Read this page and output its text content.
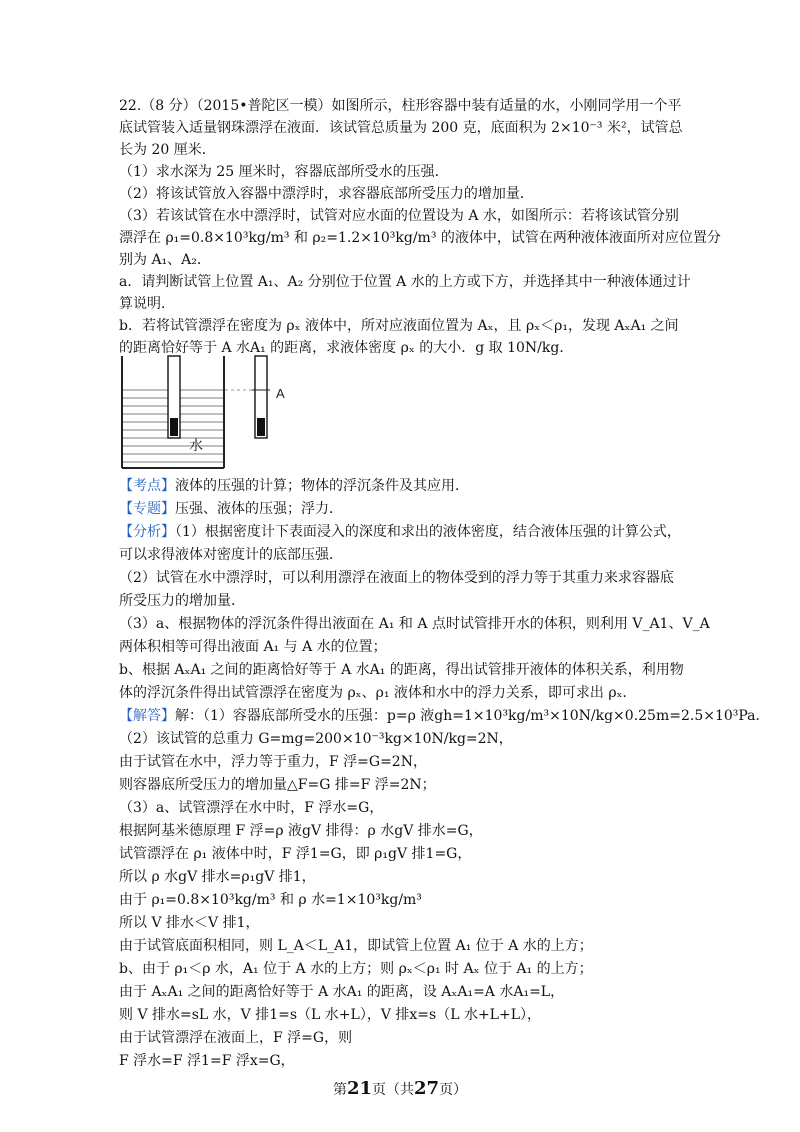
22.（8 分）（2015•普陀区一模）如图所示，柱形容器中装有适量的水，小刚同学用一个平
底试管装入适量钢珠漂浮在液面．该试管总质量为 200 克，底面积为 2×10⁻³ 米²，试管总
长为 20 厘米．
（1）求水深为 25 厘米时，容器底部所受水的压强．
（2）将该试管放入容器中漂浮时，求容器底部所受压力的增加量．
（3）若该试管在水中漂浮时，试管对应水面的位置设为 A 水，如图所示：若将该试管分别
漂浮在 ρ₁=0.8×10³kg/m³ 和 ρ₂=1.2×10³kg/m³ 的液体中，试管在两种液体液面所对应位置分
别为 A₁、A₂．
a．请判断试管上位置 A₁、A₂ 分别位于位置 A 水的上方或下方，并选择其中一种液体通过计
算说明．
b．若将试管漂浮在密度为 ρₓ 液体中，所对应液面位置为 Aₓ，且 ρₓ＜ρ₁，发现 AₓA₁ 之间
的距离恰好等于 A 水A₁ 的距离，求液体密度 ρₓ 的大小．g 取 10N/kg．
A
水
【考点】液体的压强的计算；物体的浮沉条件及其应用．
【专题】压强、液体的压强；浮力．
【分析】（1）根据密度计下表面浸入的深度和求出的液体密度，结合液体压强的计算公式，
可以求得液体对密度计的底部压强．
（2）试管在水中漂浮时，可以利用漂浮在液面上的物体受到的浮力等于其重力来求容器底
所受压力的增加量．
（3）a、根据物体的浮沉条件得出液面在 A₁ 和 A 点时试管排开水的体积，则利用 V_A1、V_A
两体积相等可得出液面 A₁ 与 A 水的位置；
b、根据 AₓA₁ 之间的距离恰好等于 A 水A₁ 的距离，得出试管排开液体的体积关系，利用物
体的浮沉条件得出试管漂浮在密度为 ρₓ、ρ₁ 液体和水中的浮力关系，即可求出 ρₓ．
【解答】解：（1）容器底部所受水的压强：p=ρ 液gh=1×10³kg/m³×10N/kg×0.25m=2.5×10³Pa．
（2）该试管的总重力 G=mg=200×10⁻³kg×10N/kg=2N，
由于试管在水中，浮力等于重力，F 浮=G=2N，
则容器底所受压力的增加量△F=G 排=F 浮=2N；
（3）a、试管漂浮在水中时，F 浮水=G，
根据阿基米德原理 F 浮=ρ 液gV 排得：ρ 水gV 排水=G，
试管漂浮在 ρ₁ 液体中时，F 浮1=G，即 ρ₁gV 排1=G，
所以 ρ 水gV 排水=ρ₁gV 排1，
由于 ρ₁=0.8×10³kg/m³ 和 ρ 水=1×10³kg/m³
所以 V 排水＜V 排1，
由于试管底面积相同，则 L_A＜L_A1，即试管上位置 A₁ 位于 A 水的上方；
b、由于 ρ₁＜ρ 水，A₁ 位于 A 水的上方；则 ρₓ＜ρ₁ 时 Aₓ 位于 A₁ 的上方；
由于 AₓA₁ 之间的距离恰好等于 A 水A₁ 的距离，设 AₓA₁=A 水A₁=L，
则 V 排水=sL 水，V 排1=s（L 水+L），V 排x=s（L 水+L+L），
第21页（共27页）
由于试管漂浮在液面上，F 浮=G，则
F 浮水=F 浮1=F 浮x=G，
